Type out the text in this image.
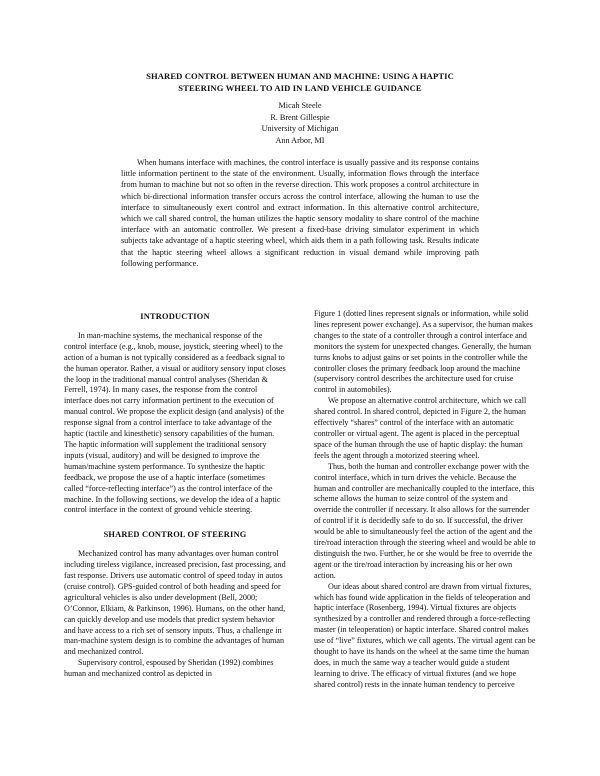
SHARED CONTROL BETWEEN HUMAN AND MACHINE: USING A HAPTIC
STEERING WHEEL TO AID IN LAND VEHICLE GUIDANCE
Micah Steele
R. Brent Gillespie
University of Michigan
Ann Arbor, MI

When humans interface with machines, the control interface is usually passive and its response contains little information pertinent to the state of the environment. Usually, information flows through the interface from human to machine but not so often in the reverse direction. This work proposes a control architecture in which bi-directional information transfer occurs across the control interface, allowing the human to use the interface to simultaneously exert control and extract information. In this alternative control architecture, which we call shared control, the human utilizes the haptic sensory modality to share control of the machine interface with an automatic controller. We present a fixed-base driving simulator experiment in which subjects take advantage of a haptic steering wheel, which aids them in a path following task. Results indicate that the haptic steering wheel allows a significant reduction in visual demand while improving path following performance.

INTRODUCTION

In man-machine systems, the mechanical response of the control interface (e.g., knob, mouse, joystick, steering wheel) to the action of a human is not typically considered as a feedback signal to the human operator. Rather, a visual or auditory sensory input closes the loop in the traditional manual control analyses (Sheridan & Ferrell, 1974). In many cases, the response from the control interface does not carry information pertinent to the execution of manual control. We propose the explicit design (and analysis) of the response signal from a control interface to take advantage of the haptic (tactile and kinesthetic) sensory capabilities of the human. The haptic information will supplement the traditional sensory inputs (visual, auditory) and will be designed to improve the human/machine system performance. To synthesize the haptic feedback, we propose the use of a haptic interface (sometimes called “force-reflecting interface”) as the control interface of the machine. In the following sections, we develop the idea of a haptic control interface in the context of ground vehicle steering.

SHARED CONTROL OF STEERING

Mechanized control has many advantages over human control including tireless vigilance, increased precision, fast processing, and fast response. Drivers use automatic control of speed today in autos (cruise control). GPS-guided control of both heading and speed for agricultural vehicles is also under development (Bell, 2000; O’Connor, Elkiam, & Parkinson, 1996). Humans, on the other hand, can quickly develop and use models that predict system behavior and have access to a rich set of sensory inputs. Thus, a challenge in man-machine system design is to combine the advantages of human and mechanized control.

Supervisory control, espoused by Sheridan (1992) combines human and mechanized control as depicted in

Figure 1 (dotted lines represent signals or information, while solid lines represent power exchange). As a supervisor, the human makes changes to the state of a controller through a control interface and monitors the system for unexpected changes. Generally, the human turns knobs to adjust gains or set points in the controller while the controller closes the primary feedback loop around the machine (supervisory control describes the architecture used for cruise control in automobiles).

We propose an alternative control architecture, which we call shared control. In shared control, depicted in Figure 2, the human effectively “shares” control of the interface with an automatic controller or virtual agent. The agent is placed in the perceptual space of the human through the use of haptic display: the human feels the agent through a motorized steering wheel.

Thus, both the human and controller exchange power with the control interface, which in turn drives the vehicle. Because the human and controller are mechanically coupled to the interface, this scheme allows the human to seize control of the system and override the controller if necessary. It also allows for the surrender of control if it is decidedly safe to do so. If successful, the driver would be able to simultaneously feel the action of the agent and the tire/road interaction through the steering wheel and would be able to distinguish the two. Further, he or she would be free to override the agent or the tire/road interaction by increasing his or her own action.

Our ideas about shared control are drawn from virtual fixtures, which has found wide application in the fields of teleoperation and haptic interface (Rosenberg, 1994). Virtual fixtures are objects synthesized by a controller and rendered through a force-reflecting master (in teleoperation) or haptic interface. Shared control makes use of “live” fixtures, which we call agents. The virtual agent can be thought to have its hands on the wheel at the same time the human does, in much the same way a teacher would guide a student learning to drive. The efficacy of virtual fixtures (and we hope shared control) rests in the innate human tendency to perceive
